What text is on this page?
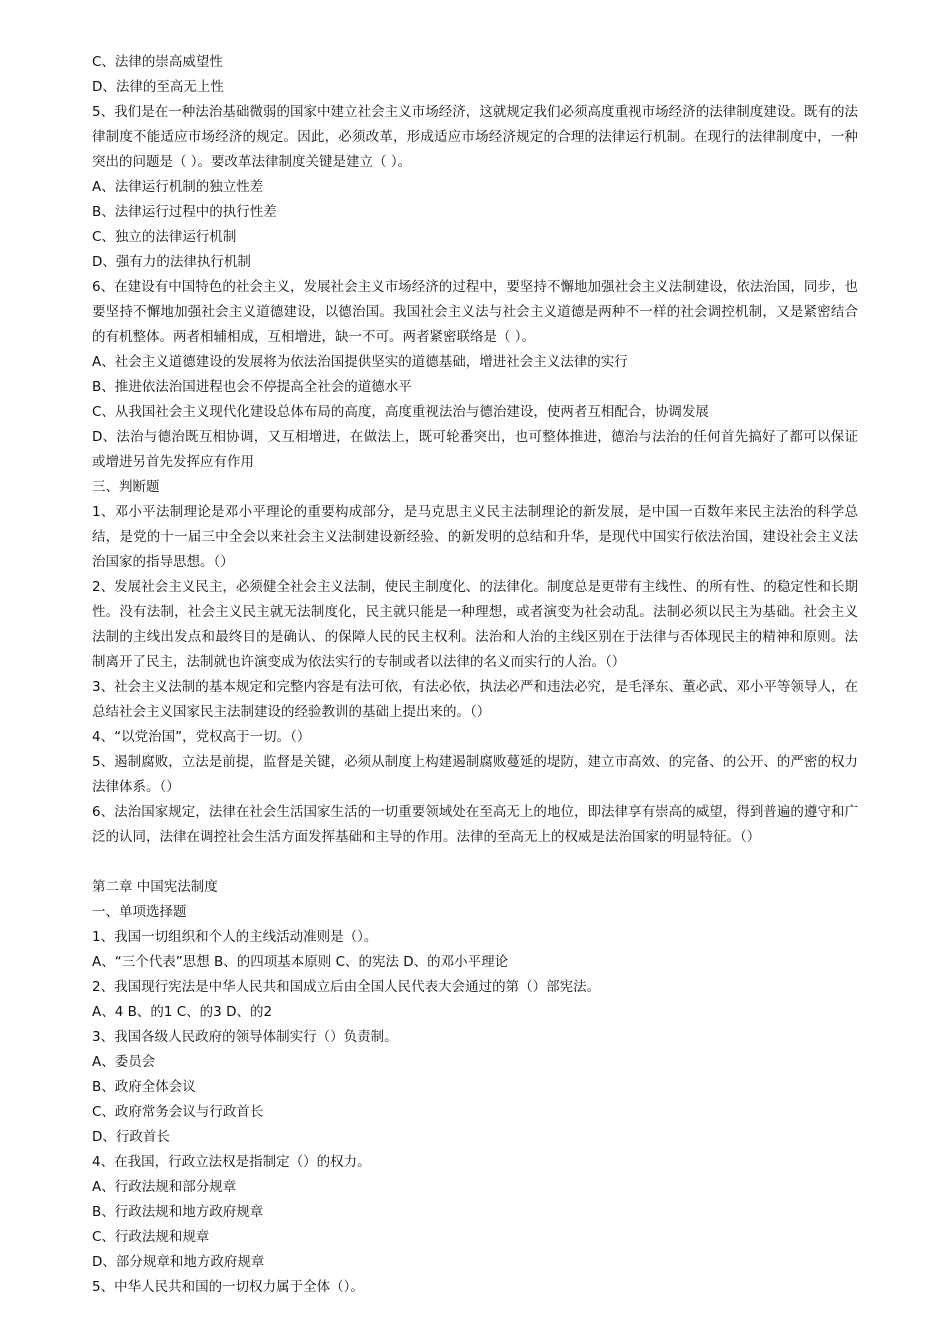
C、法律的崇高威望性

D、法律的至高无上性

5、我们是在一种法治基础微弱的国家中建立社会主义市场经济，这就规定我们必须高度重视市场经济的法律制度建设。既有的法律制度不能适应市场经济的规定。因此，必须改革，形成适应市场经济规定的合理的法律运行机制。在现行的法律制度中，一种突出的问题是（ ）。要改革法律制度关键是建立（ ）。

A、法律运行机制的独立性差

B、法律运行过程中的执行性差

C、独立的法律运行机制

D、强有力的法律执行机制

6、在建设有中国特色的社会主义，发展社会主义市场经济的过程中，要坚持不懈地加强社会主义法制建设，依法治国，同步，也要坚持不懈地加强社会主义道德建设，以德治国。我国社会主义法与社会主义道德是两种不一样的社会调控机制，又是紧密结合的有机整体。两者相辅相成，互相增进，缺一不可。两者紧密联络是（ ）。

A、社会主义道德建设的发展将为依法治国提供坚实的道德基础，增进社会主义法律的实行

B、推进依法治国进程也会不停提高全社会的道德水平

C、从我国社会主义现代化建设总体布局的高度，高度重视法治与德治建设，使两者互相配合，协调发展

D、法治与德治既互相协调，又互相增进，在做法上，既可轮番突出，也可整体推进，德治与法治的任何首先搞好了都可以保证或增进另首先发挥应有作用

三、判断题

1、邓小平法制理论是邓小平理论的重要构成部分，是马克思主义民主法制理论的新发展，是中国一百数年来民主法治的科学总结，是党的十一届三中全会以来社会主义法制建设新经验、的新发明的总结和升华，是现代中国实行依法治国，建设社会主义法治国家的指导思想。（）

2、发展社会主义民主，必须健全社会主义法制，使民主制度化、的法律化。制度总是更带有主线性、的所有性、的稳定性和长期性。没有法制，社会主义民主就无法制度化，民主就只能是一种理想，或者演变为社会动乱。法制必须以民主为基础。社会主义法制的主线出发点和最终目的是确认、的保障人民的民主权利。法治和人治的主线区别在于法律与否体现民主的精神和原则。法制离开了民主，法制就也许演变成为依法实行的专制或者以法律的名义而实行的人治。（）

3、社会主义法制的基本规定和完整内容是有法可依，有法必依，执法必严和违法必究，是毛泽东、董必武、邓小平等领导人，在总结社会主义国家民主法制建设的经验教训的基础上提出来的。（）

4、“以党治国”，党权高于一切。（）

5、遏制腐败，立法是前提，监督是关键，必须从制度上构建遏制腐败蔓延的堤防，建立市高效、的完备、的公开、的严密的权力法律体系。（）

6、法治国家规定，法律在社会生活国家生活的一切重要领域处在至高无上的地位，即法律享有崇高的威望，得到普遍的遵守和广泛的认同，法律在调控社会生活方面发挥基础和主导的作用。法律的至高无上的权威是法治国家的明显特征。（）

第二章 中国宪法制度

一、单项选择题

1、我国一切组织和个人的主线活动准则是（）。

A、“三个代表”思想 B、的四项基本原则 C、的宪法 D、的邓小平理论

2、我国现行宪法是中华人民共和国成立后由全国人民代表大会通过的第（）部宪法。

A、4 B、的1 C、的3 D、的2

3、我国各级人民政府的领导体制实行（）负责制。

A、委员会

B、政府全体会议

C、政府常务会议与行政首长

D、行政首长

4、在我国，行政立法权是指制定（）的权力。

A、行政法规和部分规章

B、行政法规和地方政府规章

C、行政法规和规章

D、部分规章和地方政府规章

5、中华人民共和国的一切权力属于全体（）。
